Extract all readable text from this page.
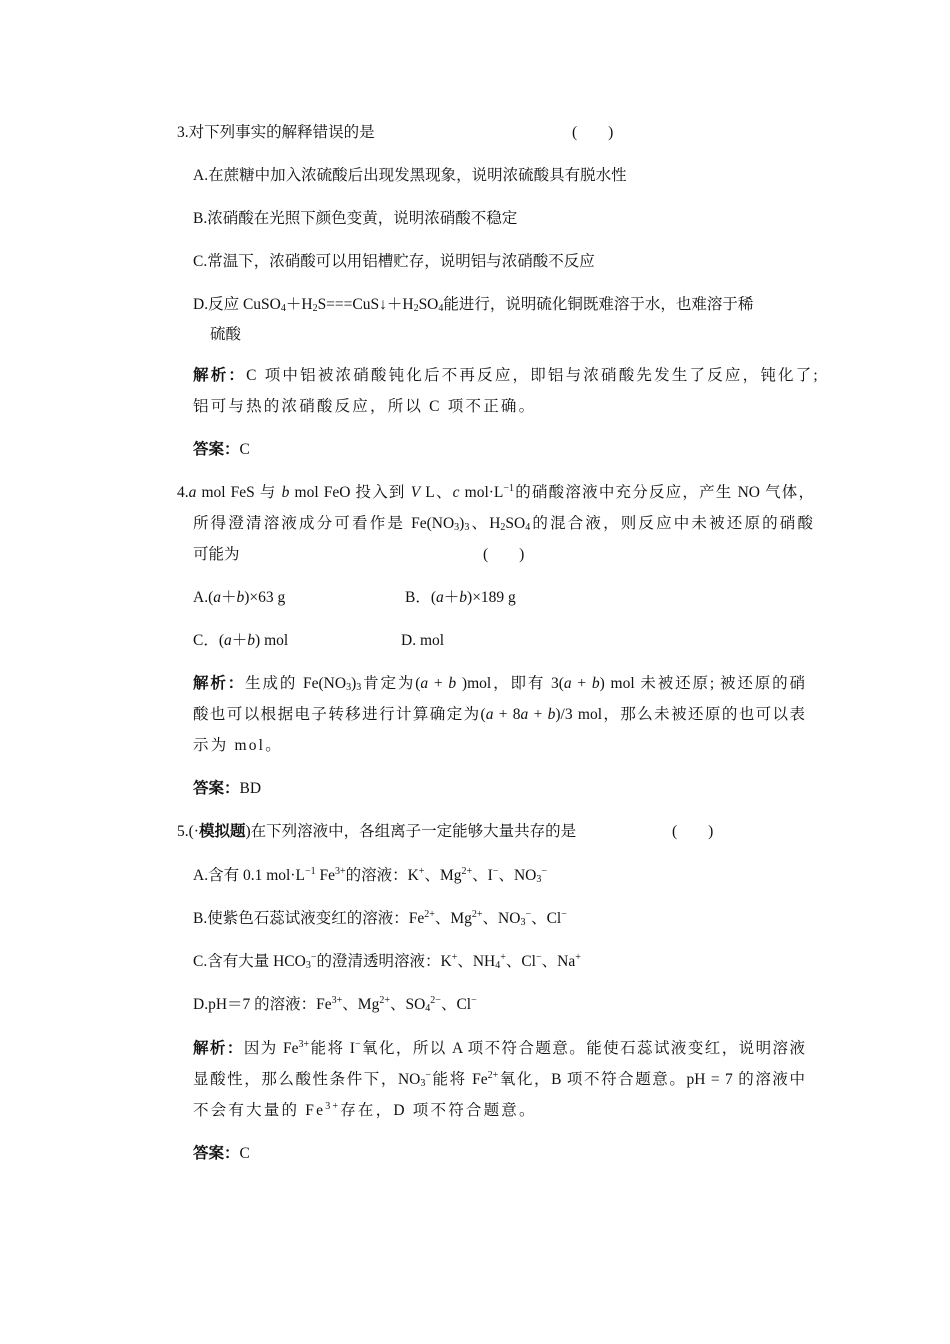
3.对下列事实的解释错误的是	(　　)
A.在蔗糖中加入浓硫酸后出现发黑现象，说明浓硫酸具有脱水性
B.浓硝酸在光照下颜色变黄，说明浓硝酸不稳定
C.常温下，浓硝酸可以用铝槽贮存，说明铝与浓硝酸不反应
D.反应 $CuSO_4+H_2S===CuS↓+H_2SO_4$能进行，说明硫化铜既难溶于水，也难溶于稀
硫酸
解析：C 项中铝被浓硝酸钝化后不再反应，即铝与浓硝酸先发生了反应，钝化了;
铝可与热的浓硝酸反应，所以 C 项不正确。
答案：C
4.a mol FeS 与 b mol FeO 投入到 V L、c $mol\cdot L^{-1}$的硝酸溶液中充分反应，产生 NO 气体，
所得澄清溶液成分可看作是 $Fe(NO_3)_3$、$H_2SO_4$的混合液，则反应中未被还原的硝酸
可能为	(　　)
A.(a＋b)×63 g	B．(a＋b)×189 g
C．(a＋b) mol	D. mol
解析：生成的 $Fe(NO_3)_3$肯定为(a + b )mol，即有 3(a + b) mol 未被还原; 被还原的硝
酸也可以根据电子转移进行计算确定为(a + 8a + b)/3 mol，那么未被还原的也可以表
示为 mol。
答案：BD
5.(·模拟题)在下列溶液中，各组离子一定能够大量共存的是	(　　)
A.含有 0.1 $mol\cdot L^{-1}$ $Fe^{3+}$的溶液：K+、$Mg^{2+}$、I−、$NO_3^-$
B.使紫色石蕊试液变红的溶液：$Fe^{2+}$、$Mg^{2+}$、$NO_3^-$、Cl−
C.含有大量 $HCO_3^-$的澄清透明溶液：K+、$NH_4^+$、Cl−、Na+
D.pH＝7 的溶液：$Fe^{3+}$、$Mg^{2+}$、$SO_4^{2-}$、Cl−
解析：因为 $Fe^{3+}$能将 I−氧化，所以 A 项不符合题意。能使石蕊试液变红，说明溶液
显酸性，那么酸性条件下，$NO_3^-$能将 $Fe^{2+}$氧化，B 项不符合题意。pH = 7 的溶液中
不会有大量的 $Fe^{3+}$存在，D 项不符合题意。
答案：C
